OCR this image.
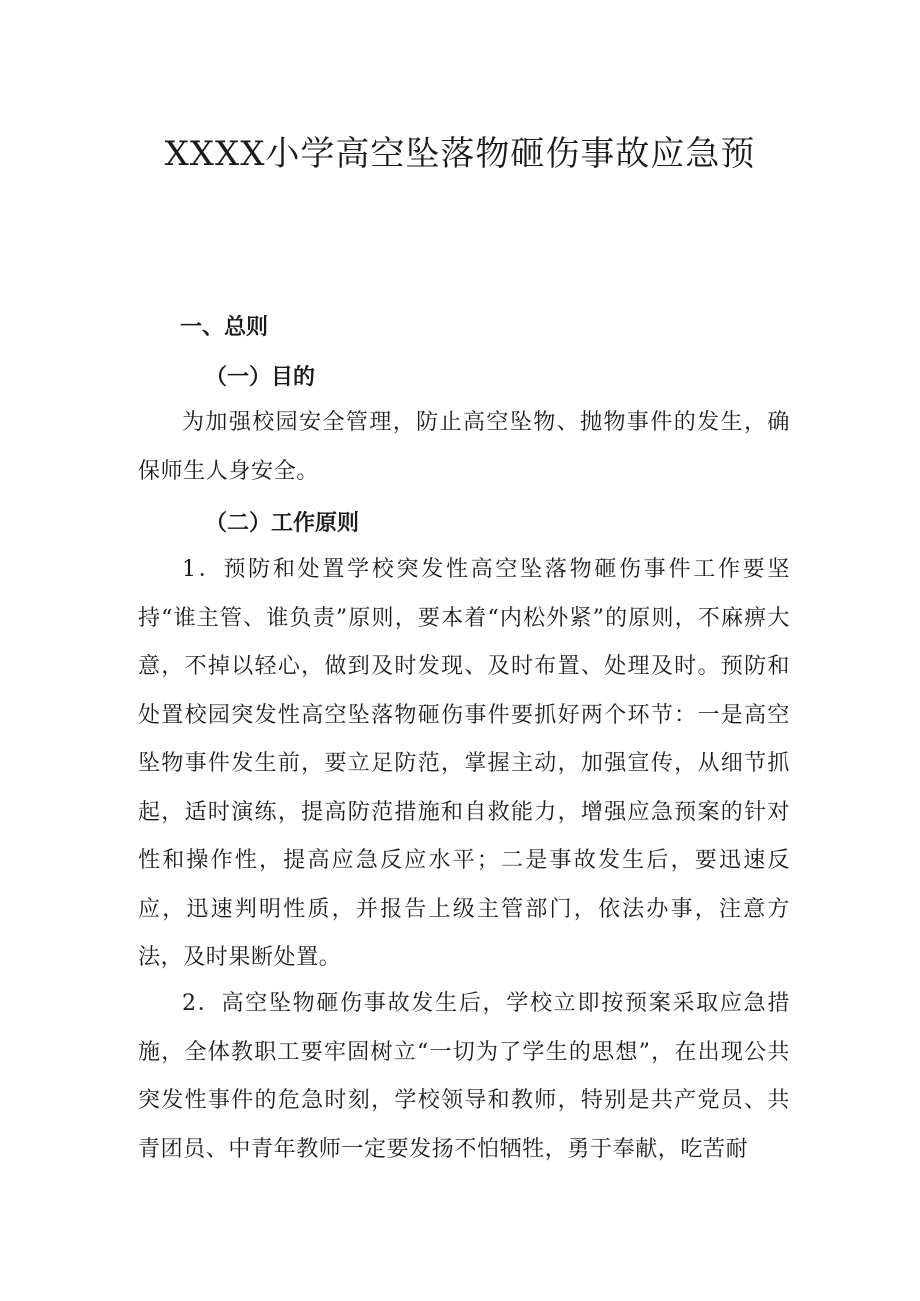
XXXX小学高空坠落物砸伤事故应急预
一、总则
（一）目的
为加强校园安全管理，防止高空坠物、抛物事件的发生，确保师生人身安全。
（二）工作原则
1．预防和处置学校突发性高空坠落物砸伤事件工作要坚持“谁主管、谁负责”原则，要本着“内松外紧”的原则，不麻痹大意，不掉以轻心，做到及时发现、及时布置、处理及时。预防和处置校园突发性高空坠落物砸伤事件要抓好两个环节：一是高空坠物事件发生前，要立足防范，掌握主动，加强宣传，从细节抓起，适时演练，提高防范措施和自救能力，增强应急预案的针对性和操作性，提高应急反应水平；二是事故发生后，要迅速反应，迅速判明性质，并报告上级主管部门，依法办事，注意方法，及时果断处置。
2．高空坠物砸伤事故发生后，学校立即按预案采取应急措施，全体教职工要牢固树立“一切为了学生的思想”，在出现公共突发性事件的危急时刻，学校领导和教师，特别是共产党员、共青团员、中青年教师一定要发扬不怕牺牲，勇于奉献，吃苦耐
